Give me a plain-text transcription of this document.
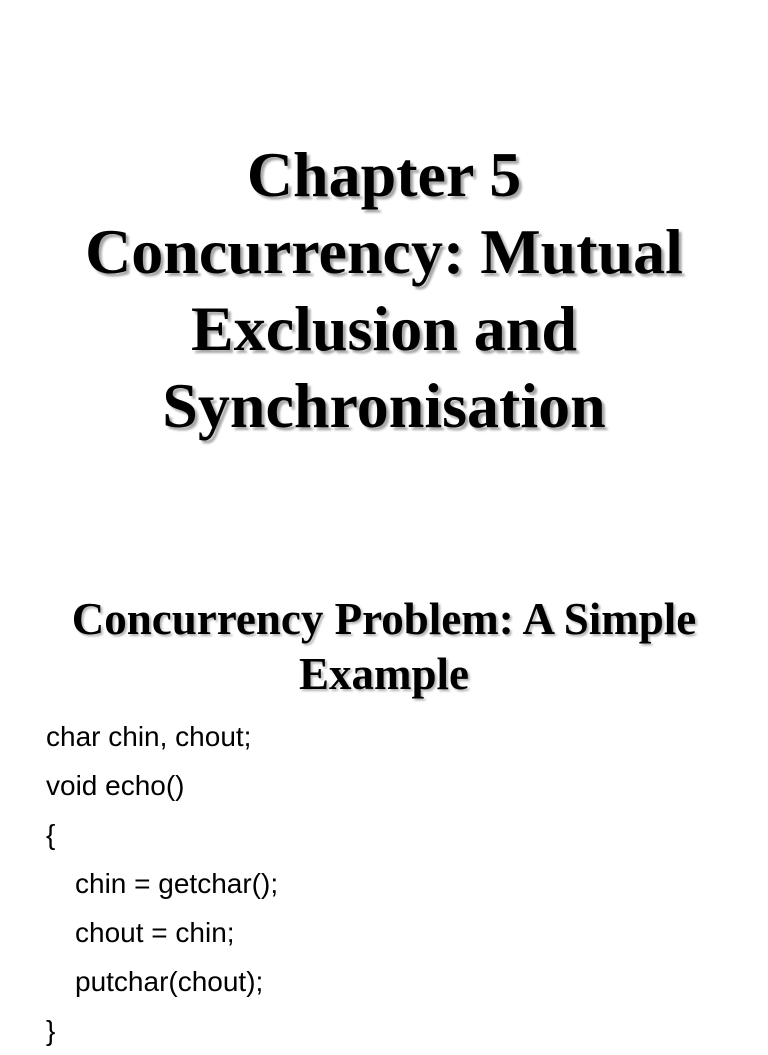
Chapter 5
Concurrency: Mutual
Exclusion and
Synchronisation
Concurrency Problem: A Simple
Example
char chin, chout;
void echo()
{
chin = getchar();
chout = chin;
putchar(chout);
}
